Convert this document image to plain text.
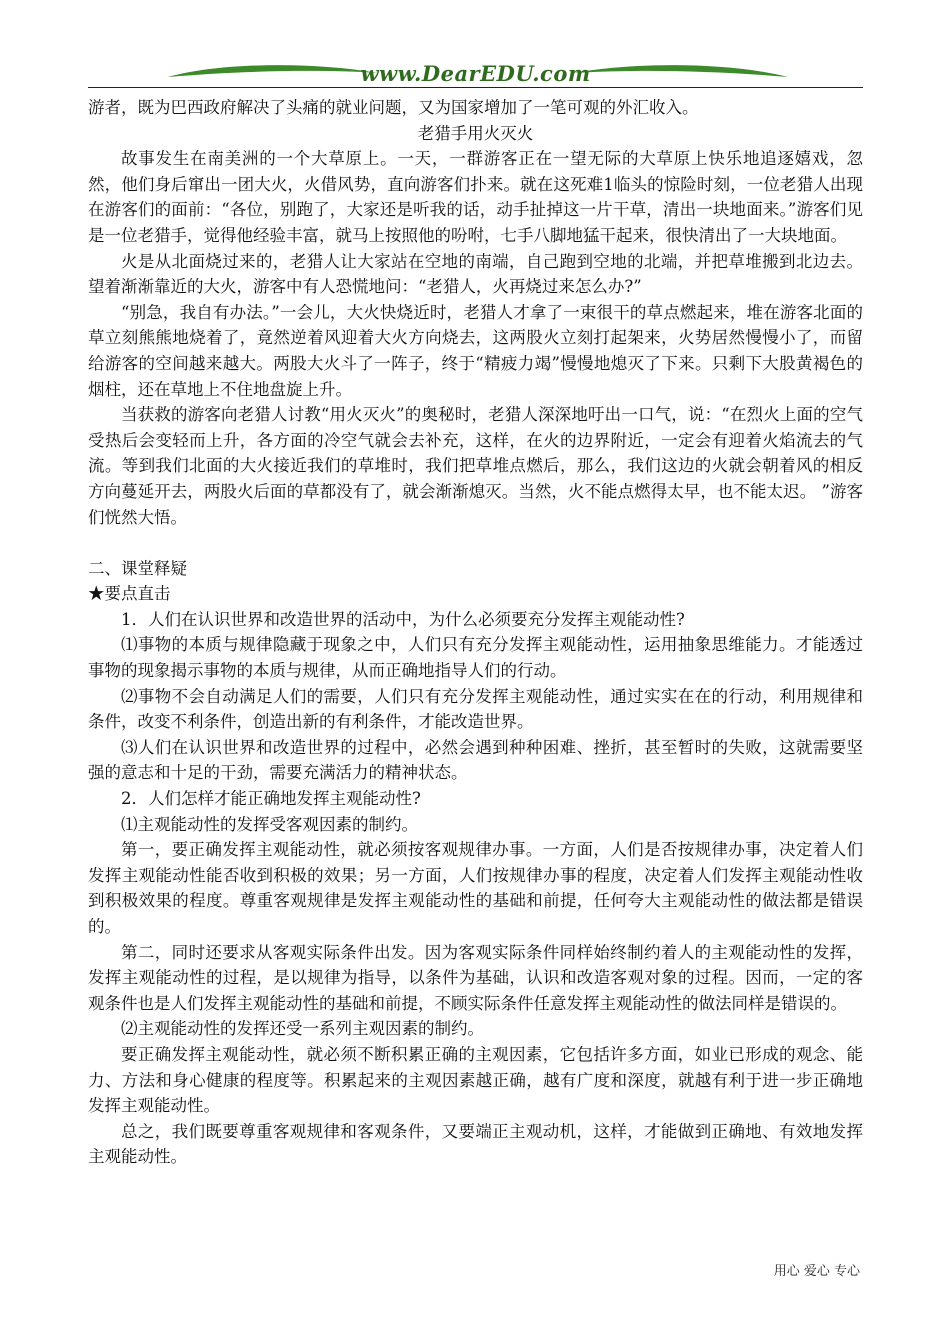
www.DearEDU.com

游者，既为巴西政府解决了头痛的就业问题，又为国家增加了一笔可观的外汇收入。

老猎手用火灭火

故事发生在南美洲的一个大草原上。一天，一群游客正在一望无际的大草原上快乐地追逐嬉戏，忽然，他们身后窜出一团大火，火借风势，直向游客们扑来。就在这死难1临头的惊险时刻，一位老猎人出现在游客们的面前：“各位，别跑了，大家还是听我的话，动手扯掉这一片干草，清出一块地面来。”游客们见是一位老猎手，觉得他经验丰富，就马上按照他的吩咐，七手八脚地猛干起来，很快清出了一大块地面。

火是从北面烧过来的，老猎人让大家站在空地的南端，自己跑到空地的北端，并把草堆搬到北边去。望着渐渐靠近的大火，游客中有人恐慌地问：“老猎人，火再烧过来怎么办?”

“别急，我自有办法。”一会儿，大火快烧近时，老猎人才拿了一束很干的草点燃起来，堆在游客北面的草立刻熊熊地烧着了，竟然逆着风迎着大火方向烧去，这两股火立刻打起架来，火势居然慢慢小了，而留给游客的空间越来越大。两股大火斗了一阵子，终于“精疲力竭”慢慢地熄灭了下来。只剩下大股黄褐色的烟柱，还在草地上不住地盘旋上升。

当获救的游客向老猎人讨教“用火灭火”的奥秘时，老猎人深深地吁出一口气，说：“在烈火上面的空气受热后会变轻而上升，各方面的冷空气就会去补充，这样，在火的边界附近，一定会有迎着火焰流去的气流。等到我们北面的大火接近我们的草堆时，我们把草堆点燃后，那么，我们这边的火就会朝着风的相反方向蔓延开去，两股火后面的草都没有了，就会渐渐熄灭。当然，火不能点燃得太早，也不能太迟。 ”游客们恍然大悟。

二、课堂释疑

★要点直击

1．人们在认识世界和改造世界的活动中，为什么必须要充分发挥主观能动性?

⑴事物的本质与规律隐藏于现象之中，人们只有充分发挥主观能动性，运用抽象思维能力。才能透过事物的现象揭示事物的本质与规律，从而正确地指导人们的行动。

⑵事物不会自动满足人们的需要，人们只有充分发挥主观能动性，通过实实在在的行动，利用规律和条件，改变不利条件，创造出新的有利条件，才能改造世界。

⑶人们在认识世界和改造世界的过程中，必然会遇到种种困难、挫折，甚至暂时的失败，这就需要坚强的意志和十足的干劲，需要充满活力的精神状态。

2．人们怎样才能正确地发挥主观能动性?

⑴主观能动性的发挥受客观因素的制约。

第一，要正确发挥主观能动性，就必须按客观规律办事。一方面，人们是否按规律办事，决定着人们发挥主观能动性能否收到积极的效果；另一方面，人们按规律办事的程度，决定着人们发挥主观能动性收到积极效果的程度。尊重客观规律是发挥主观能动性的基础和前提，任何夸大主观能动性的做法都是错误的。

第二，同时还要求从客观实际条件出发。因为客观实际条件同样始终制约着人的主观能动性的发挥，发挥主观能动性的过程，是以规律为指导，以条件为基础，认识和改造客观对象的过程。因而，一定的客观条件也是人们发挥主观能动性的基础和前提，不顾实际条件任意发挥主观能动性的做法同样是错误的。

⑵主观能动性的发挥还受一系列主观因素的制约。

要正确发挥主观能动性，就必须不断积累正确的主观因素，它包括许多方面，如业已形成的观念、能力、方法和身心健康的程度等。积累起来的主观因素越正确，越有广度和深度，就越有利于进一步正确地发挥主观能动性。

总之，我们既要尊重客观规律和客观条件，又要端正主观动机，这样，才能做到正确地、有效地发挥主观能动性。

用心 爱心 专心
